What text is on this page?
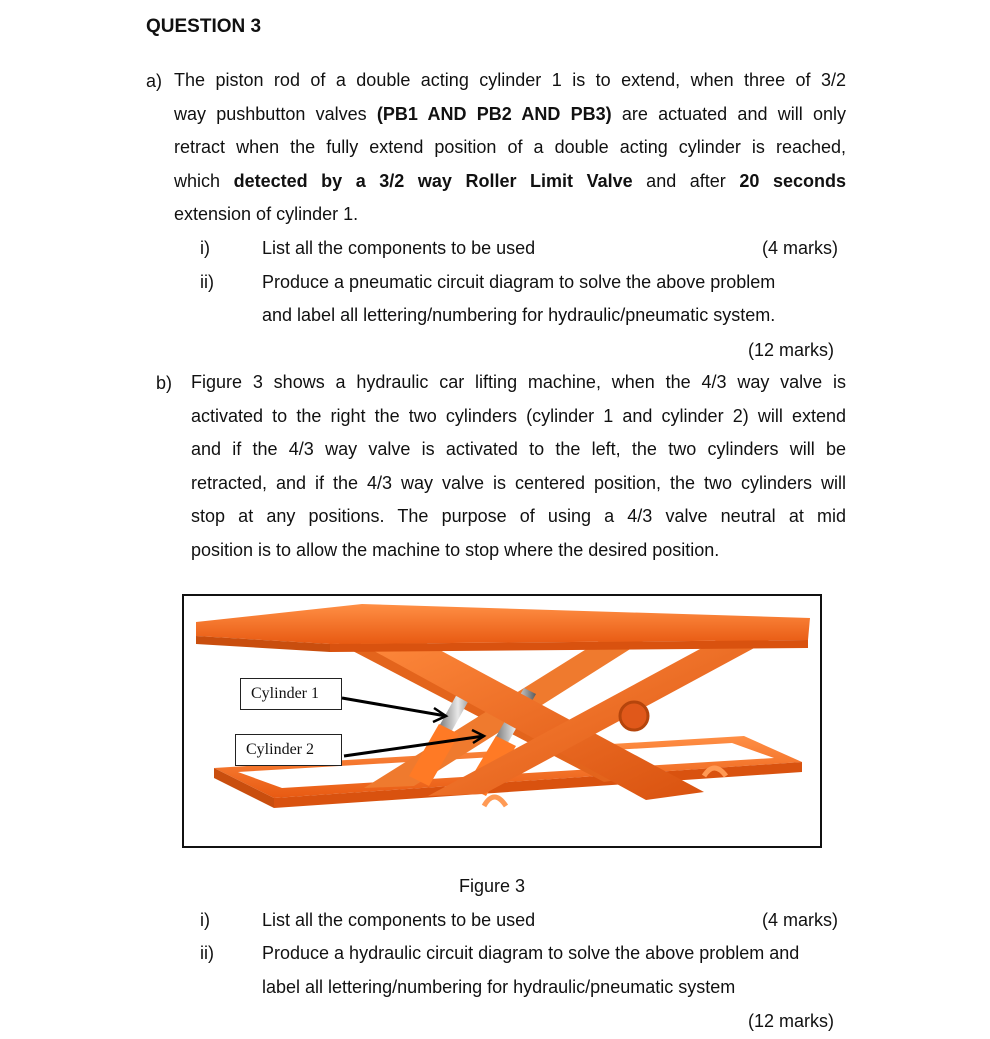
QUESTION 3
a) The piston rod of a double acting cylinder 1 is to extend, when three of 3/2
way pushbutton valves (PB1 AND PB2 AND PB3) are actuated and will only
retract when the fully extend position of a double acting cylinder is reached,
which detected by a 3/2 way Roller Limit Valve and after 20 seconds
extension of cylinder 1.
i)	List all the components to be used	(4 marks)
ii)	Produce a pneumatic circuit diagram to solve the above problem
and label all lettering/numbering for hydraulic/pneumatic system.
(12 marks)
b) Figure 3 shows a hydraulic car lifting machine, when the 4/3 way valve is
activated to the right the two cylinders (cylinder 1 and cylinder 2) will extend
and if the 4/3 way valve is activated to the left, the two cylinders will be
retracted, and if the 4/3 way valve is centered position, the two cylinders will
stop at any positions. The purpose of using a 4/3 valve neutral at mid
position is to allow the machine to stop where the desired position.
Cylinder 1
Cylinder 2
Figure 3
i)	List all the components to be used	(4 marks)
ii)	Produce a hydraulic circuit diagram to solve the above problem and
label all lettering/numbering for hydraulic/pneumatic system
(12 marks)
